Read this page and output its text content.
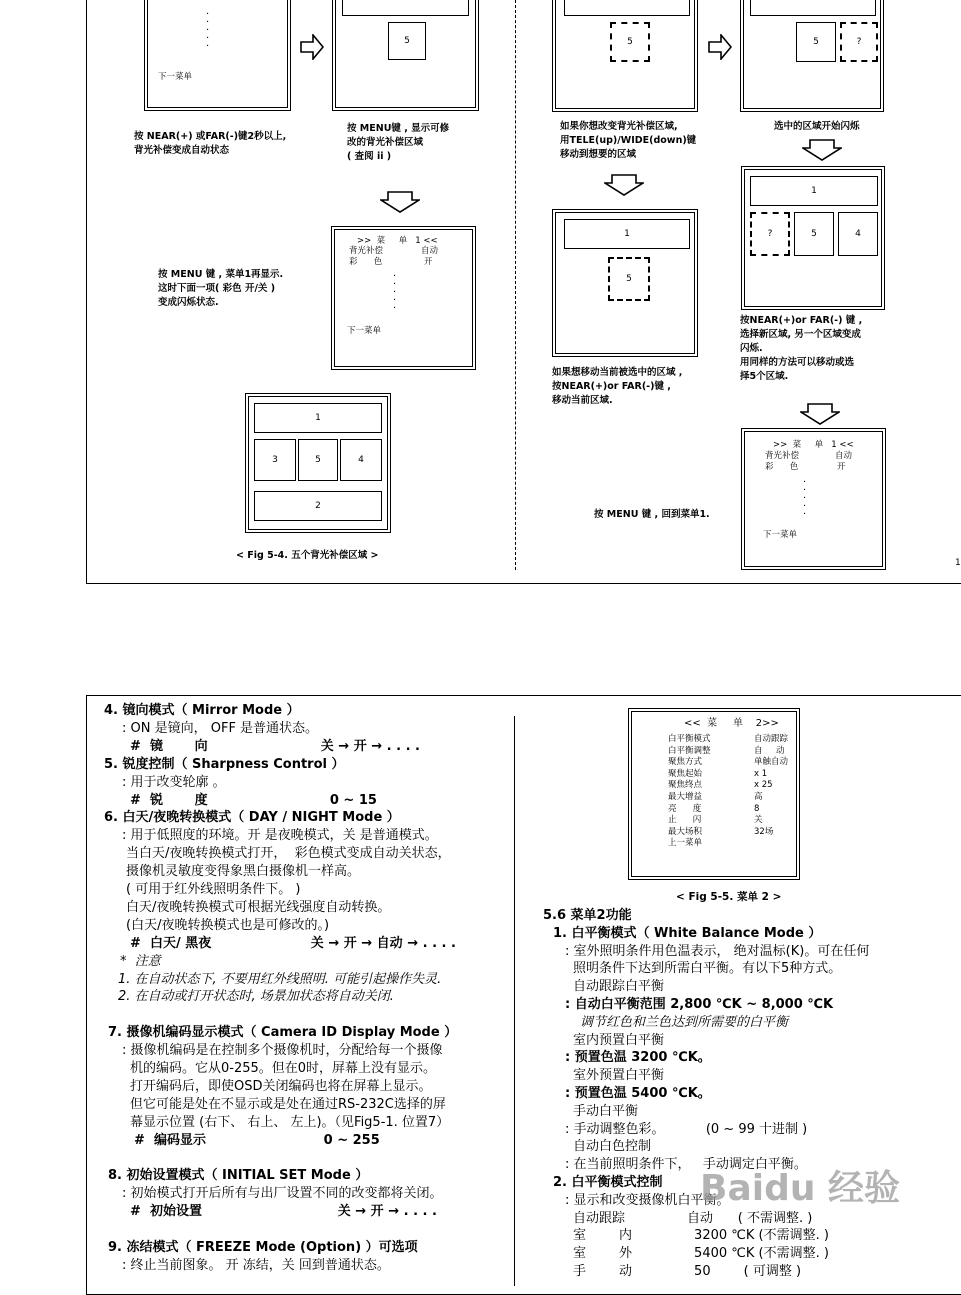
.
.
.
.
.
下一菜单
5
按 NEAR(+) 或FAR(-)键2秒以上,
背光补偿变成自动状态
按 MENU键 , 显示可修
改的背光补偿区域
( 查阅 ii )
>>  菜     单   1 <<
背光补偿	自动
彩      色	开
.
.
.
.
.
下一菜单
按 MENU 键 , 菜单1再显示.
这时下面一项( 彩色 开/关 )
变成闪烁状态.
1
3	5	4
2
< Fig 5-4. 五个背光补偿区域 >
5	5	?
如果你想改变背光补偿区域,
用TELE(up)/WIDE(down)键
移动到想要的区域
选中的区域开始闪烁
1
?	5	4
1
5
按NEAR(+)or FAR(-) 键 ,
选择新区域, 另一个区域变成
闪烁.
用同样的方法可以移动或选
择5个区域.
如果想移动当前被选中的区域 ,
按NEAR(+)or FAR(-)键 ,
移动当前区域.
按 MENU 键 , 回到菜单1.
>>  菜     单   1 <<
背光补偿	自动
彩      色	开
.
.
.
.
.
下一菜单
1
4. 镜向模式（ Mirror Mode ）
: ON 是镜向， OFF 是普通状态。
#  镜       向                         关 → 开 → . . . .
5. 锐度控制（ Sharpness Control ）
: 用于改变轮廓 。
#  锐       度                           0 ~ 15
6. 白天/夜晚转换模式（ DAY / NIGHT Mode ）
: 用于低照度的环境。开 是夜晚模式，关 是普通模式。
当白天/夜晚转换模式打开，  彩色模式变成自动关状态，
摄像机灵敏度变得象黑白摄像机一样高。
( 可用于红外线照明条件下。 )
白天/夜晚转换模式可根据光线强度自动转换。
(白天/夜晚转换模式也是可修改的。)
#  白天/ 黑夜                      关 → 开 → 自动 → . . . .
*  注意
1. 在自动状态下, 不要用红外线照明. 可能引起操作失灵.
2. 在自动或打开状态时, 场景加状态将自动关闭.
7. 摄像机编码显示模式（ Camera ID Display Mode ）
: 摄像机编码是在控制多个摄像机时，分配给每一个摄像
机的编码。它从0-255。但在0时，屏幕上没有显示。
打开编码后，即使OSD关闭编码也将在屏幕上显示。
但它可能是处在不显示或是处在通过RS-232C选择的屏
幕显示位置 (右下、 右上、 左上)。（见Fig5-1. 位置7）
#  编码显示                          0 ~ 255
8. 初始设置模式（ INITIAL SET Mode ）
: 初始模式打开后所有与出厂设置不同的改变都将关闭。
#  初始设置                              关 → 开 → . . . .
9. 冻结模式（ FREEZE Mode (Option) ）可选项
: 终止当前图象。 开 冻结，关 回到普通状态。
<<  菜     单    2>>
白平衡模式	自动跟踪
白平衡调整	自     动
聚焦方式	单触自动
聚焦起始	x 1
聚焦终点	x 25
最大增益	高
亮      度	8
止      闪	关
最大场积	32场
上一菜单
< Fig 5-5. 菜单 2 >
5.6 菜单2功能
1. 白平衡模式（ White Balance Mode ）
: 室外照明条件用色温表示， 绝对温标(K)。可在任何
照明条件下达到所需白平衡。有以下5种方式。
自动跟踪白平衡
: 自动白平衡范围 2,800 ℃K ~ 8,000 ℃K
调节红色和兰色达到所需要的白平衡
室内预置白平衡
: 预置色温 3200 ℃K。
室外预置白平衡
: 预置色温 5400 ℃K。
手动白平衡
: 手动调整色彩。          (0 ~ 99 十进制 )
自动白色控制
: 在当前照明条件下，   手动调定白平衡。
2. 白平衡模式控制
: 显示和改变摄像机白平衡。
自动跟踪               自动      ( 不需调整. )
室        内               3200 ℃K (不需调整. )
室        外               5400 ℃K (不需调整. )
手        动               50        ( 可调整 )
Baidu 经验
